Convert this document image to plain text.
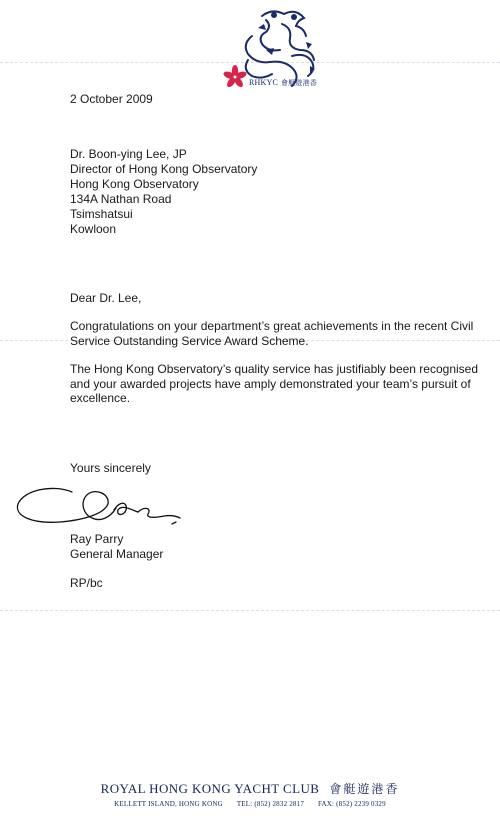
RHKYC 會艇遊港香
2 October 2009
Dr. Boon-ying Lee, JP
Director of Hong Kong Observatory
Hong Kong Observatory
134A Nathan Road
Tsimshatsui
Kowloon
Dear Dr. Lee,
Congratulations on your department’s great achievements in the recent Civil Service Outstanding Service Award Scheme.
The Hong Kong Observatory’s quality service has justifiably been recognised and your awarded projects have amply demonstrated your team’s pursuit of excellence.
Yours sincerely
Ray Parry
General Manager
RP/bc
ROYAL HONG KONG YACHT CLUB 會艇遊港香
KELLETT ISLAND, HONG KONG TEL: (852) 2832 2817 FAX: (852) 2239 0329
